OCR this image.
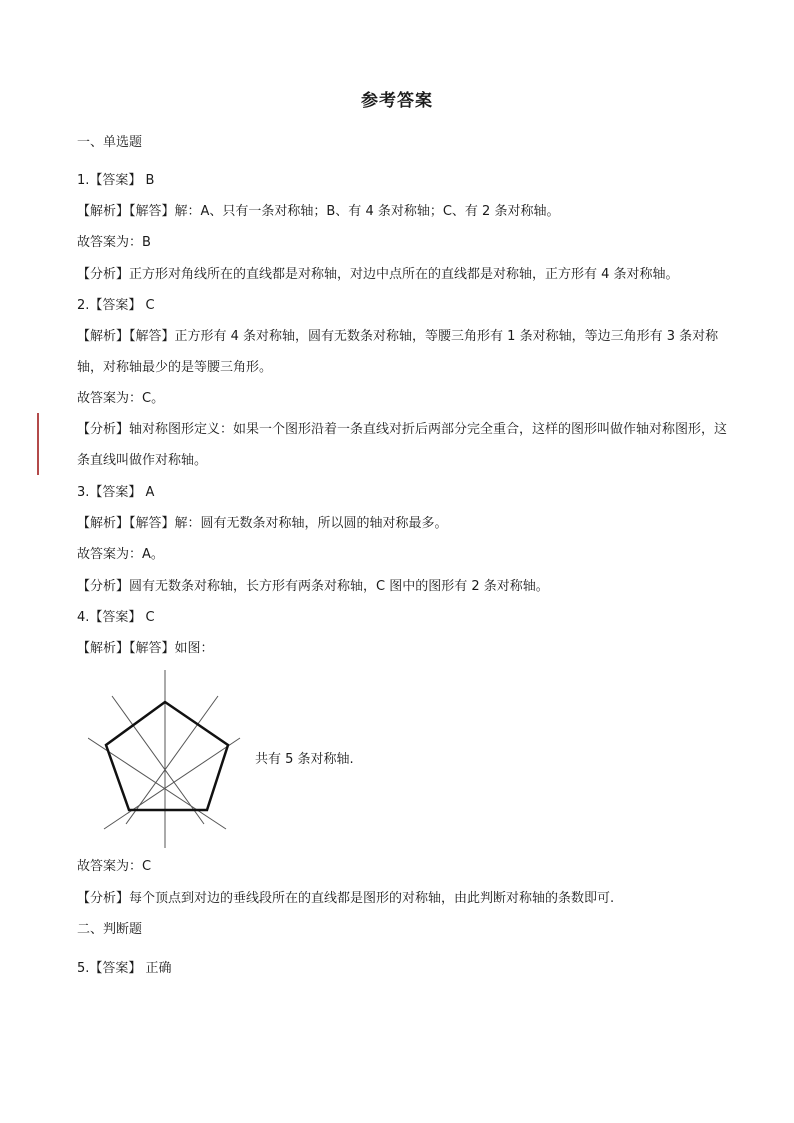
参考答案
一、单选题
1.【答案】 B
【解析】【解答】解：A、只有一条对称轴；B、有 4 条对称轴；C、有 2 条对称轴。
故答案为：B
【分析】正方形对角线所在的直线都是对称轴，对边中点所在的直线都是对称轴，正方形有 4 条对称轴。
2.【答案】 C
【解析】【解答】正方形有 4 条对称轴，圆有无数条对称轴，等腰三角形有 1 条对称轴，等边三角形有 3 条对称轴，对称轴最少的是等腰三角形。
故答案为：C。
【分析】轴对称图形定义：如果一个图形沿着一条直线对折后两部分完全重合，这样的图形叫做作轴对称图形，这条直线叫做作对称轴。
3.【答案】 A
【解析】【解答】解：圆有无数条对称轴，所以圆的轴对称最多。
故答案为：A。
【分析】圆有无数条对称轴，长方形有两条对称轴，C 图中的图形有 2 条对称轴。
4.【答案】 C
【解析】【解答】如图：
共有 5 条对称轴.
故答案为：C
【分析】每个顶点到对边的垂线段所在的直线都是图形的对称轴，由此判断对称轴的条数即可.
二、判断题
5.【答案】 正确
